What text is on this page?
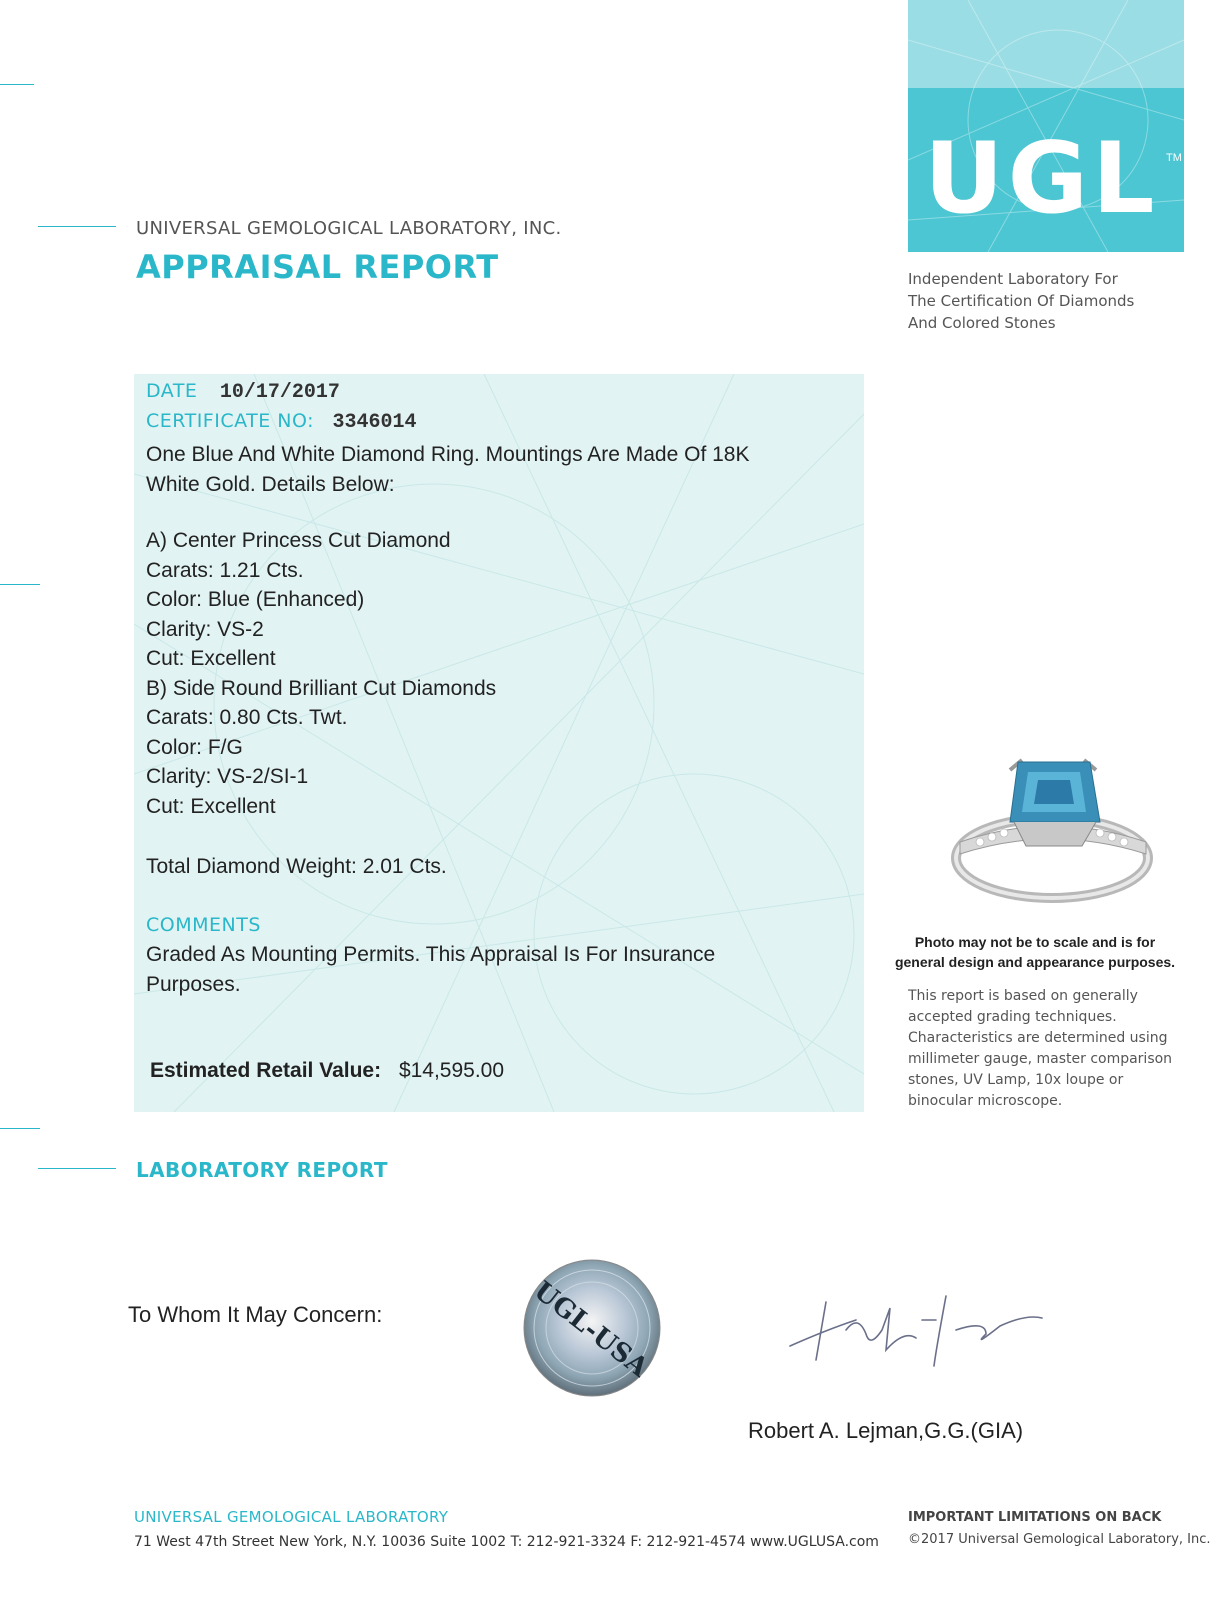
UNIVERSAL GEMOLOGICAL LABORATORY, INC.
APPRAISAL REPORT
UGL TM
Independent Laboratory For
The Certification Of Diamonds
And Colored Stones
DATE 10/17/2017
CERTIFICATE NO: 3346014
One Blue And White Diamond Ring. Mountings Are Made Of 18K
White Gold. Details Below:
A) Center Princess Cut Diamond
Carats: 1.21 Cts.
Color: Blue (Enhanced)
Clarity: VS-2
Cut: Excellent
B) Side Round Brilliant Cut Diamonds
Carats: 0.80 Cts. Twt.
Color: F/G
Clarity: VS-2/SI-1
Cut: Excellent
Total Diamond Weight: 2.01 Cts.
COMMENTS
Graded As Mounting Permits. This Appraisal Is For Insurance
Purposes.
Estimated Retail Value: $14,595.00
Photo may not be to scale and is for
general design and appearance purposes.
This report is based on generally
accepted grading techniques.
Characteristics are determined using
millimeter gauge, master comparison
stones, UV Lamp, 10x loupe or
binocular microscope.
LABORATORY REPORT
To Whom It May Concern:	UGL-USA
Robert A. Lejman,G.G.(GIA)
UNIVERSAL GEMOLOGICAL LABORATORY
71 West 47th Street New York, N.Y. 10036 Suite 1002 T: 212-921-3324 F: 212-921-4574 www.UGLUSA.com
IMPORTANT LIMITATIONS ON BACK
©2017 Universal Gemological Laboratory, Inc.
